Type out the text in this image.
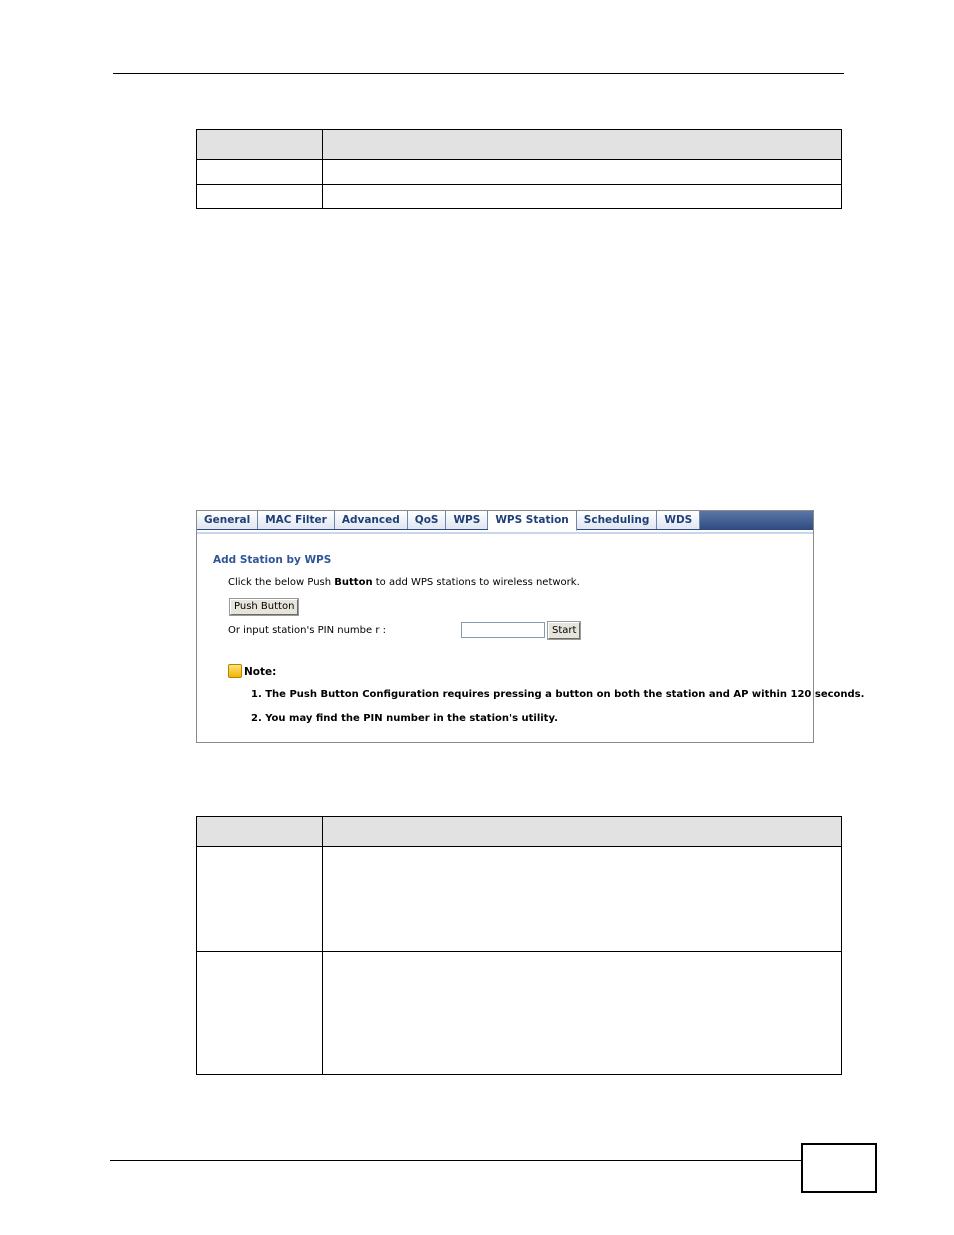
General	MAC Filter	Advanced	QoS	WPS	WPS Station	Scheduling	WDS
Add Station by WPS
Click the below Push Button to add WPS stations to wireless network.
Push Button
Or input station's PIN numbe r :	Start
Note:
1. The Push Button Configuration requires pressing a button on both the station and AP within 120 seconds.
2. You may find the PIN number in the station's utility.
